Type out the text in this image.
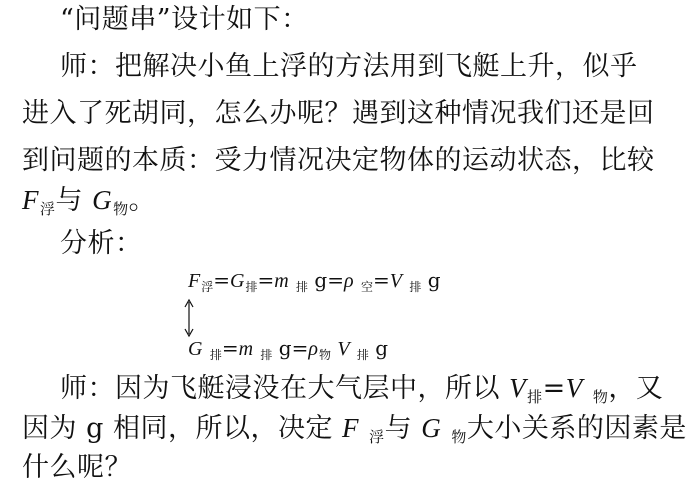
“问题串”设计如下：
师：把解决小鱼上浮的方法用到飞艇上升，似乎
进入了死胡同，怎么办呢？遇到这种情况我们还是回
到问题的本质：受力情况决定物体的运动状态，比较
F浮与 G物。
分析：
$F_浮=G_排=m$ $_排$ g=ρ $_空$=V $_排$ g
G $_排$=m $_排$ $g=\rho_物$ V $_排$ g
师：因为飞艇浸没在大气层中，所以 V排=V 物，又
因为 g 相同，所以，决定 F 浮与 G 物大小关系的因素是
什么呢？
